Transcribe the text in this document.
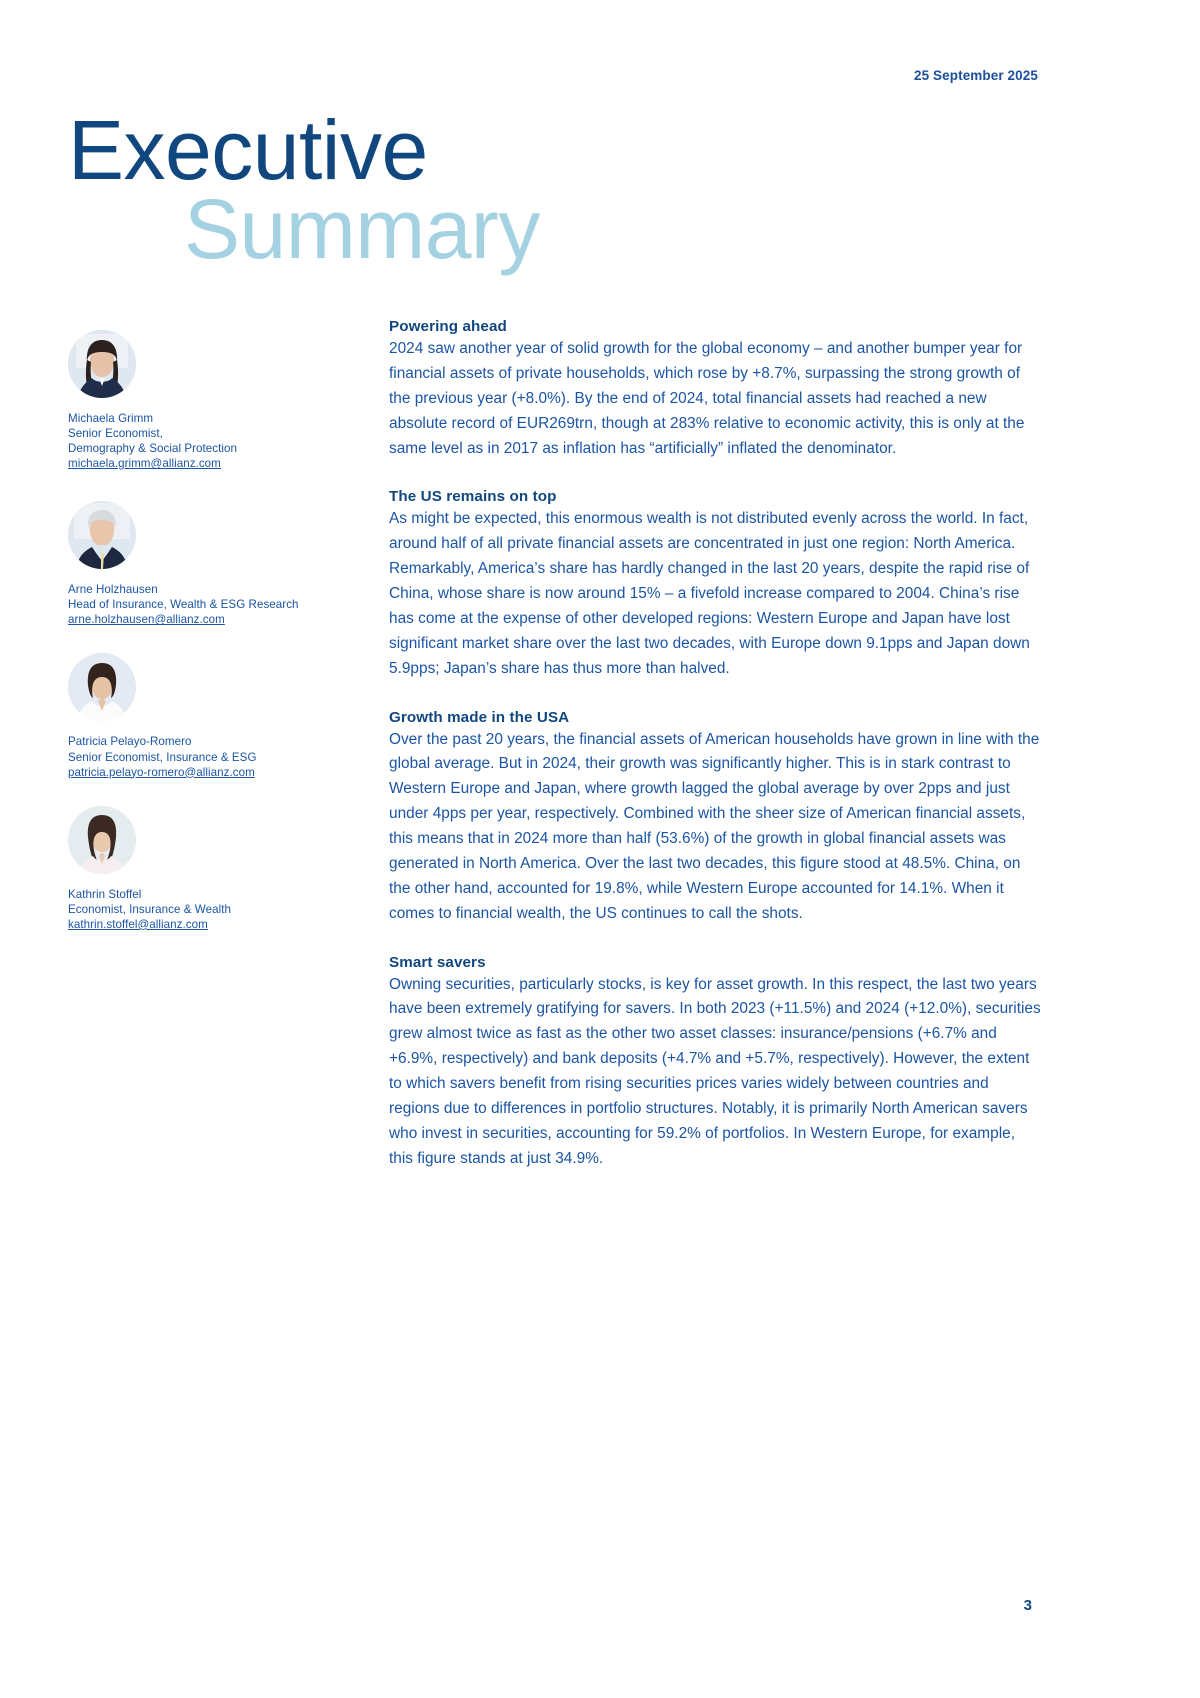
25 September 2025
Executive
Summary
Michaela Grimm
Senior Economist,
Demography & Social Protection
michaela.grimm@allianz.com
Arne Holzhausen
Head of Insurance, Wealth & ESG Research
arne.holzhausen@allianz.com
Patricia Pelayo-Romero
Senior Economist, Insurance & ESG
patricia.pelayo-romero@allianz.com
Kathrin Stoffel
Economist, Insurance & Wealth
kathrin.stoffel@allianz.com
Powering ahead

2024 saw another year of solid growth for the global economy – and another bumper year for financial assets of private households, which rose by +8.7%, surpassing the strong growth of the previous year (+8.0%). By the end of 2024, total financial assets had reached a new absolute record of EUR269trn, though at 283% relative to economic activity, this is only at the same level as in 2017 as inflation has “artificially” inflated the denominator.

The US remains on top

As might be expected, this enormous wealth is not distributed evenly across the world. In fact, around half of all private financial assets are concentrated in just one region: North America. Remarkably, America’s share has hardly changed in the last 20 years, despite the rapid rise of China, whose share is now around 15% – a fivefold increase compared to 2004. China’s rise has come at the expense of other developed regions: Western Europe and Japan have lost significant market share over the last two decades, with Europe down 9.1pps and Japan down 5.9pps; Japan’s share has thus more than halved.

Growth made in the USA

Over the past 20 years, the financial assets of American households have grown in line with the global average. But in 2024, their growth was significantly higher. This is in stark contrast to Western Europe and Japan, where growth lagged the global average by over 2pps and just under 4pps per year, respectively. Combined with the sheer size of American financial assets, this means that in 2024 more than half (53.6%) of the growth in global financial assets was generated in North America. Over the last two decades, this figure stood at 48.5%. China, on the other hand, accounted for 19.8%, while Western Europe accounted for 14.1%. When it comes to financial wealth, the US continues to call the shots.

Smart savers

Owning securities, particularly stocks, is key for asset growth. In this respect, the last two years have been extremely gratifying for savers. In both 2023 (+11.5%) and 2024 (+12.0%), securities grew almost twice as fast as the other two asset classes: insurance/pensions (+6.7% and +6.9%, respectively) and bank deposits (+4.7% and +5.7%, respectively). However, the extent to which savers benefit from rising securities prices varies widely between countries and regions due to differences in portfolio structures. Notably, it is primarily North American savers who invest in securities, accounting for 59.2% of portfolios. In Western Europe, for example, this figure stands at just 34.9%.

3
